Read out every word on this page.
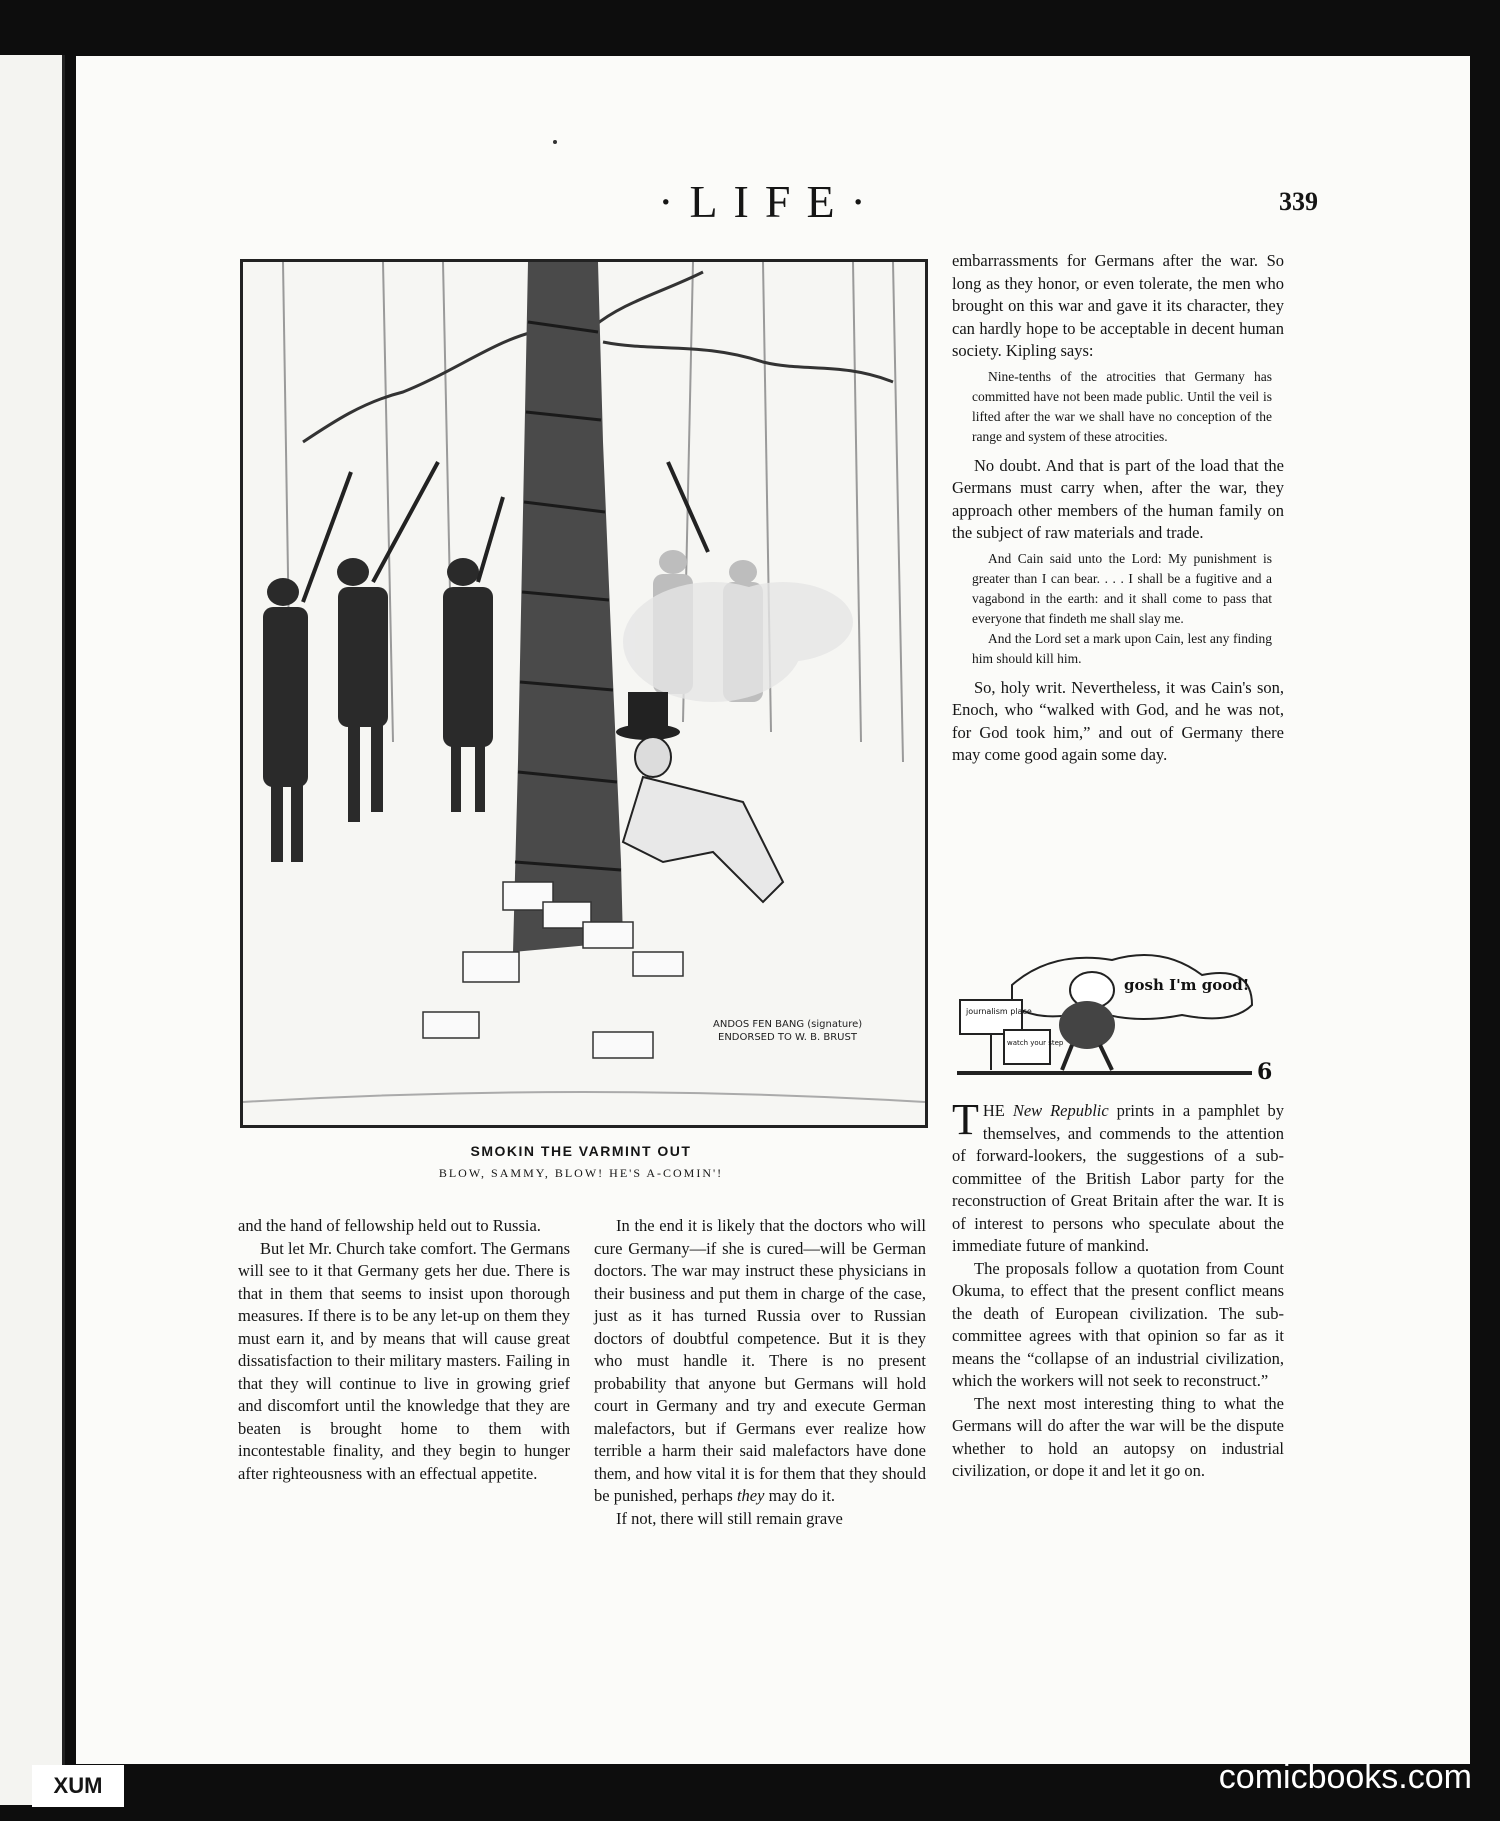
·LIFE·	339
ANDOS FEN BANG (signature)
ENDORSED TO W. B. BRUST
SMOKIN THE VARMINT OUT
BLOW, SAMMY, BLOW! HE'S A-COMIN'!

embarrassments for Germans after the war. So long as they honor, or even tolerate, the men who brought on this war and gave it its character, they can hardly hope to be acceptable in decent human society. Kipling says:

Nine-tenths of the atrocities that Germany has committed have not been made public. Until the veil is lifted after the war we shall have no conception of the range and system of these atrocities.

No doubt. And that is part of the load that the Germans must carry when, after the war, they approach other members of the human family on the subject of raw materials and trade.

And Cain said unto the Lord: My punishment is greater than I can bear. . . . I shall be a fugitive and a vagabond in the earth: and it shall come to pass that everyone that findeth me shall slay me.

And the Lord set a mark upon Cain, lest any finding him should kill him.

So, holy writ. Nevertheless, it was Cain's son, Enoch, who “walked with God, and he was not, for God took him,” and out of Germany there may come good again some day.

journalism place
watch your step
gosh I'm good!
6

THE New Republic prints in a pamphlet by themselves, and commends to the attention of forward-lookers, the suggestions of a sub-committee of the British Labor party for the reconstruction of Great Britain after the war. It is of interest to persons who speculate about the immediate future of mankind.

The proposals follow a quotation from Count Okuma, to effect that the present conflict means the death of European civilization. The sub-committee agrees with that opinion so far as it means the “collapse of an industrial civilization, which the workers will not seek to reconstruct.”

The next most interesting thing to what the Germans will do after the war will be the dispute whether to hold an autopsy on industrial civilization, or dope it and let it go on.

and the hand of fellowship held out to Russia.

But let Mr. Church take comfort. The Germans will see to it that Germany gets her due. There is that in them that seems to insist upon thorough measures. If there is to be any let-up on them they must earn it, and by means that will cause great dissatisfaction to their military masters. Failing in that they will continue to live in growing grief and discomfort until the knowledge that they are beaten is brought home to them with incontestable finality, and they begin to hunger after righteousness with an effectual appetite.

In the end it is likely that the doctors who will cure Germany—if she is cured—will be German doctors. The war may instruct these physicians in their business and put them in charge of the case, just as it has turned Russia over to Russian doctors of doubtful competence. But it is they who must handle it. There is no present probability that anyone but Germans will hold court in Germany and try and execute German malefactors, but if Germans ever realize how terrible a harm their said malefactors have done them, and how vital it is for them that they should be punished, perhaps they may do it.

If not, there will still remain grave

XUM	comicbooks.com
